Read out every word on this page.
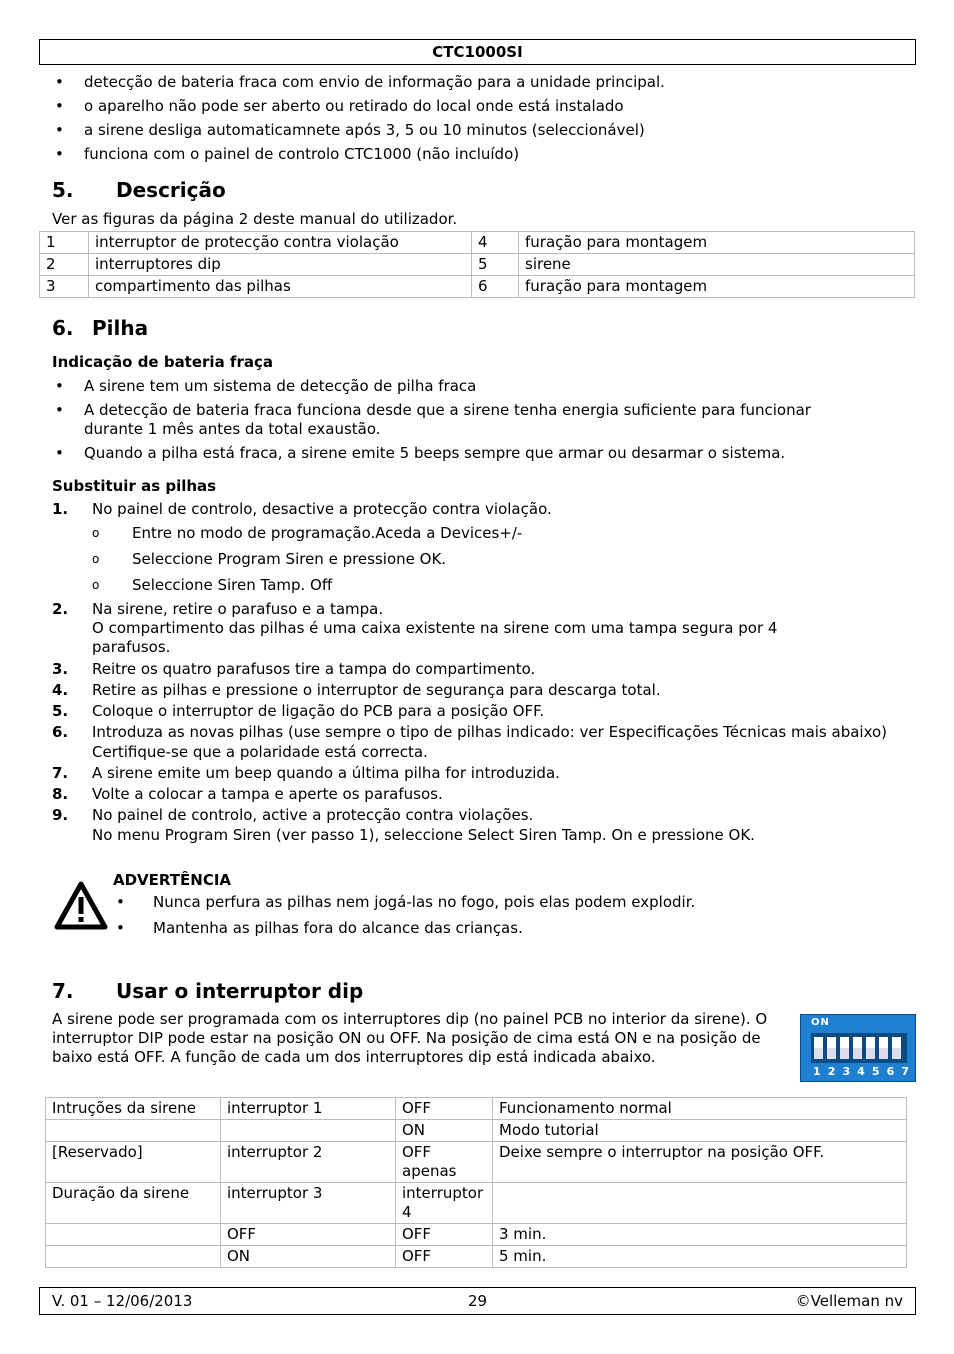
CTC1000SI
• detecção de bateria fraca com envio de informação para a unidade principal.
• o aparelho não pode ser aberto ou retirado do local onde está instalado
• a sirene desliga automaticamnete após 3, 5 ou 10 minutos (seleccionável)
• funciona com o painel de controlo CTC1000 (não incluído)
5. Descrição

Ver as figuras da página 2 deste manual do utilizador.

1	interruptor de protecção contra violação	4	furação para montagem
2	interruptores dip	5	sirene
3	compartimento das pilhas	6	furação para montagem
6. Pilha
Indicação de bateria fraça
• A sirene tem um sistema de detecção de pilha fraca
• A detecção de bateria fraca funciona desde que a sirene tenha energia suficiente para funcionar durante 1 mês antes da total exaustão.
• Quando a pilha está fraca, a sirene emite 5 beeps sempre que armar ou desarmar o sistema.
Substituir as pilhas
1. No painel de controlo, desactive a protecção contra violação.
o Entre no modo de programação.Aceda a Devices+/-
o Seleccione Program Siren e pressione OK.
o Seleccione Siren Tamp. Off
2. Na sirene, retire o parafuso e a tampa.
O compartimento das pilhas é uma caixa existente na sirene com uma tampa segura por 4 parafusos.
3. Reitre os quatro parafusos tire a tampa do compartimento.
4. Retire as pilhas e pressione o interruptor de segurança para descarga total.
5. Coloque o interruptor de ligação do PCB para a posição OFF.
6. Introduza as novas pilhas (use sempre o tipo de pilhas indicado: ver Especificações Técnicas mais abaixo) Certifique-se que a polaridade está correcta.
7. A sirene emite um beep quando a última pilha for introduzida.
8. Volte a colocar a tampa e aperte os parafusos.
9. No painel de controlo, active a protecção contra violações.
No menu Program Siren (ver passo 1), seleccione Select Siren Tamp. On e pressione OK.
ADVERTÊNCIA
• Nunca perfura as pilhas nem jogá-las no fogo, pois elas podem explodir.
• Mantenha as pilhas fora do alcance das crianças.
7. Usar o interruptor dip

A sirene pode ser programada com os interruptores dip (no painel PCB no interior da sirene). O interruptor DIP pode estar na posição ON ou OFF. Na posição de cima está ON e na posição de baixo está OFF. A função de cada um dos interruptores dip está indicada abaixo.

ON
1 2 3 4 5 6 7
Intruções da sirene	interruptor 1	OFF	Funcionamento normal
		ON	Modo tutorial
[Reservado]	interruptor 2	OFF apenas	Deixe sempre o interruptor na posição OFF.
Duração da sirene	interruptor 3	interruptor 4	
	OFF	OFF	3 min.
	ON	OFF	5 min.
V. 01 – 12/06/2013	29	©Velleman nv
